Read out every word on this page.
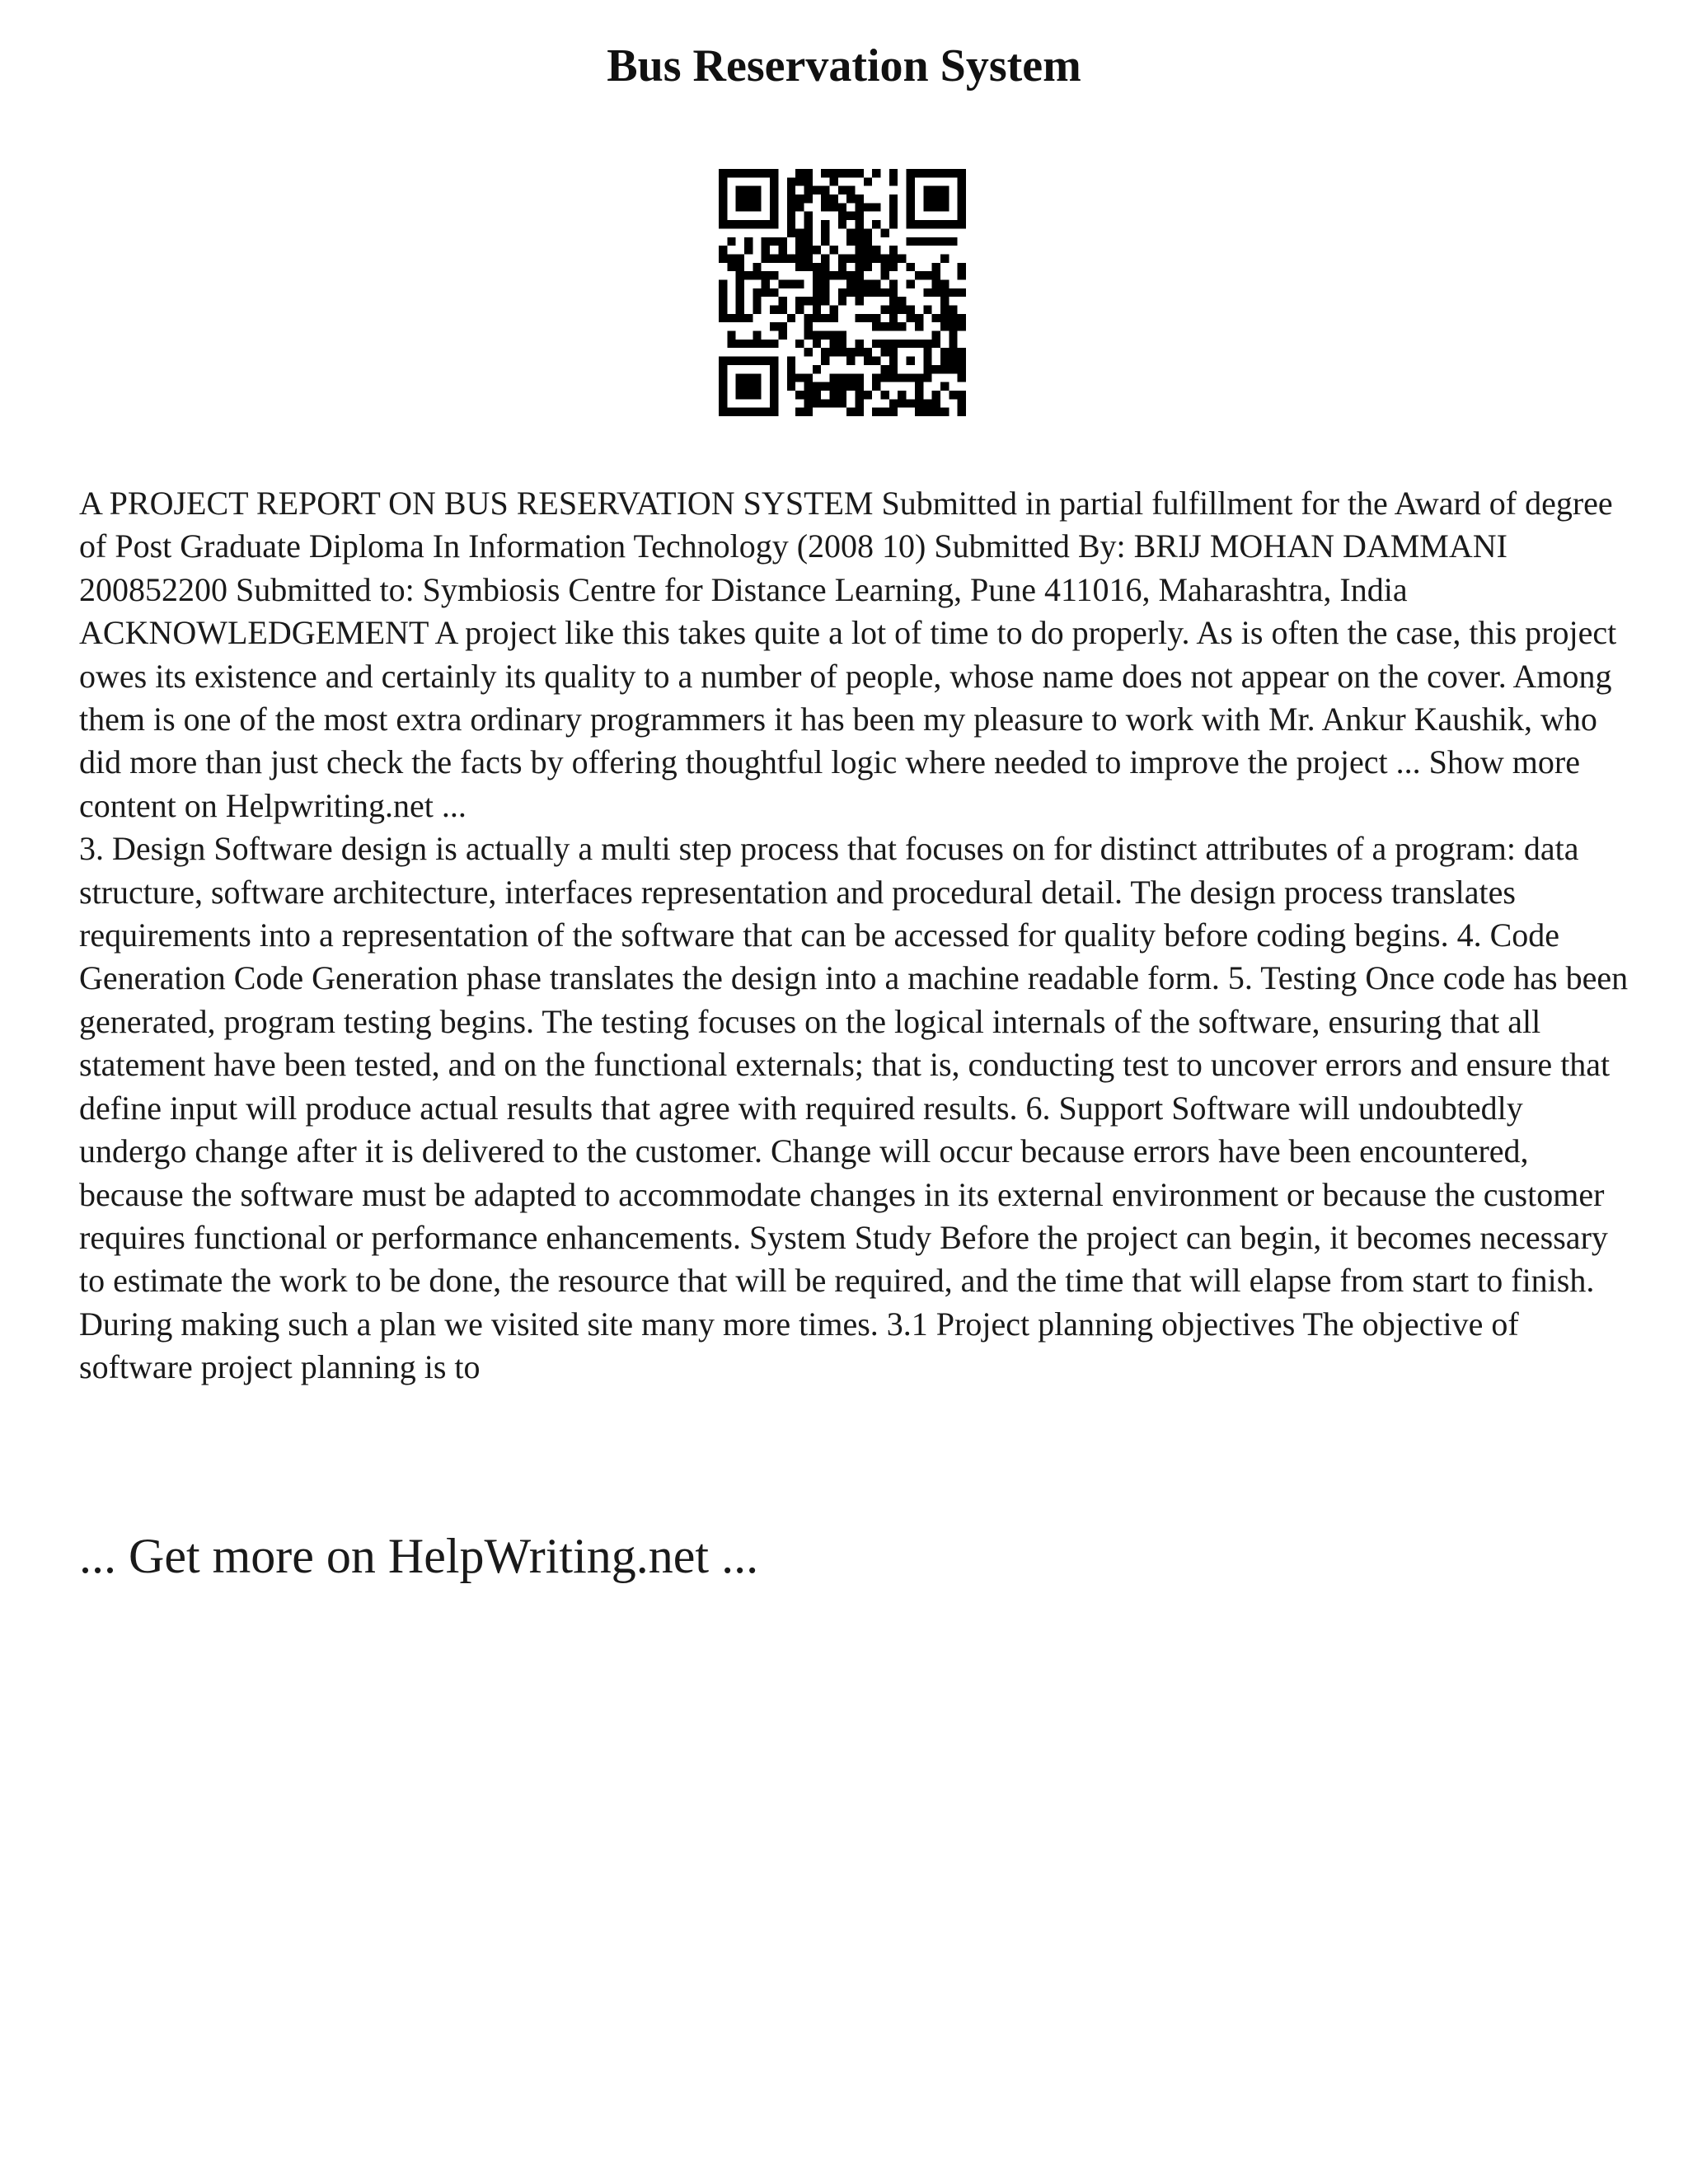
Bus Reservation System

A PROJECT REPORT ON BUS RESERVATION SYSTEM Submitted in partial fulfillment for the Award of degree of Post Graduate Diploma In Information Technology (2008 10) Submitted By: BRIJ MOHAN DAMMANI 200852200 Submitted to: Symbiosis Centre for Distance Learning, Pune 411016, Maharashtra, India ACKNOWLEDGEMENT A project like this takes quite a lot of time to do properly. As is often the case, this project owes its existence and certainly its quality to a number of people, whose name does not appear on the cover. Among them is one of the most extra ordinary programmers it has been my pleasure to work with Mr. Ankur Kaushik, who did more than just check the facts by offering thoughtful logic where needed to improve the project ... Show more content on Helpwriting.net ...

3. Design Software design is actually a multi step process that focuses on for distinct attributes of a program: data structure, software architecture, interfaces representation and procedural detail. The design process translates requirements into a representation of the software that can be accessed for quality before coding begins. 4. Code Generation Code Generation phase translates the design into a machine readable form. 5. Testing Once code has been generated, program testing begins. The testing focuses on the logical internals of the software, ensuring that all statement have been tested, and on the functional externals; that is, conducting test to uncover errors and ensure that define input will produce actual results that agree with required results. 6. Support Software will undoubtedly undergo change after it is delivered to the customer. Change will occur because errors have been encountered, because the software must be adapted to accommodate changes in its external environment or because the customer requires functional or performance enhancements. System Study Before the project can begin, it becomes necessary to estimate the work to be done, the resource that will be required, and the time that will elapse from start to finish. During making such a plan we visited site many more times. 3.1 Project planning objectives The objective of software project planning is to

... Get more on HelpWriting.net ...
